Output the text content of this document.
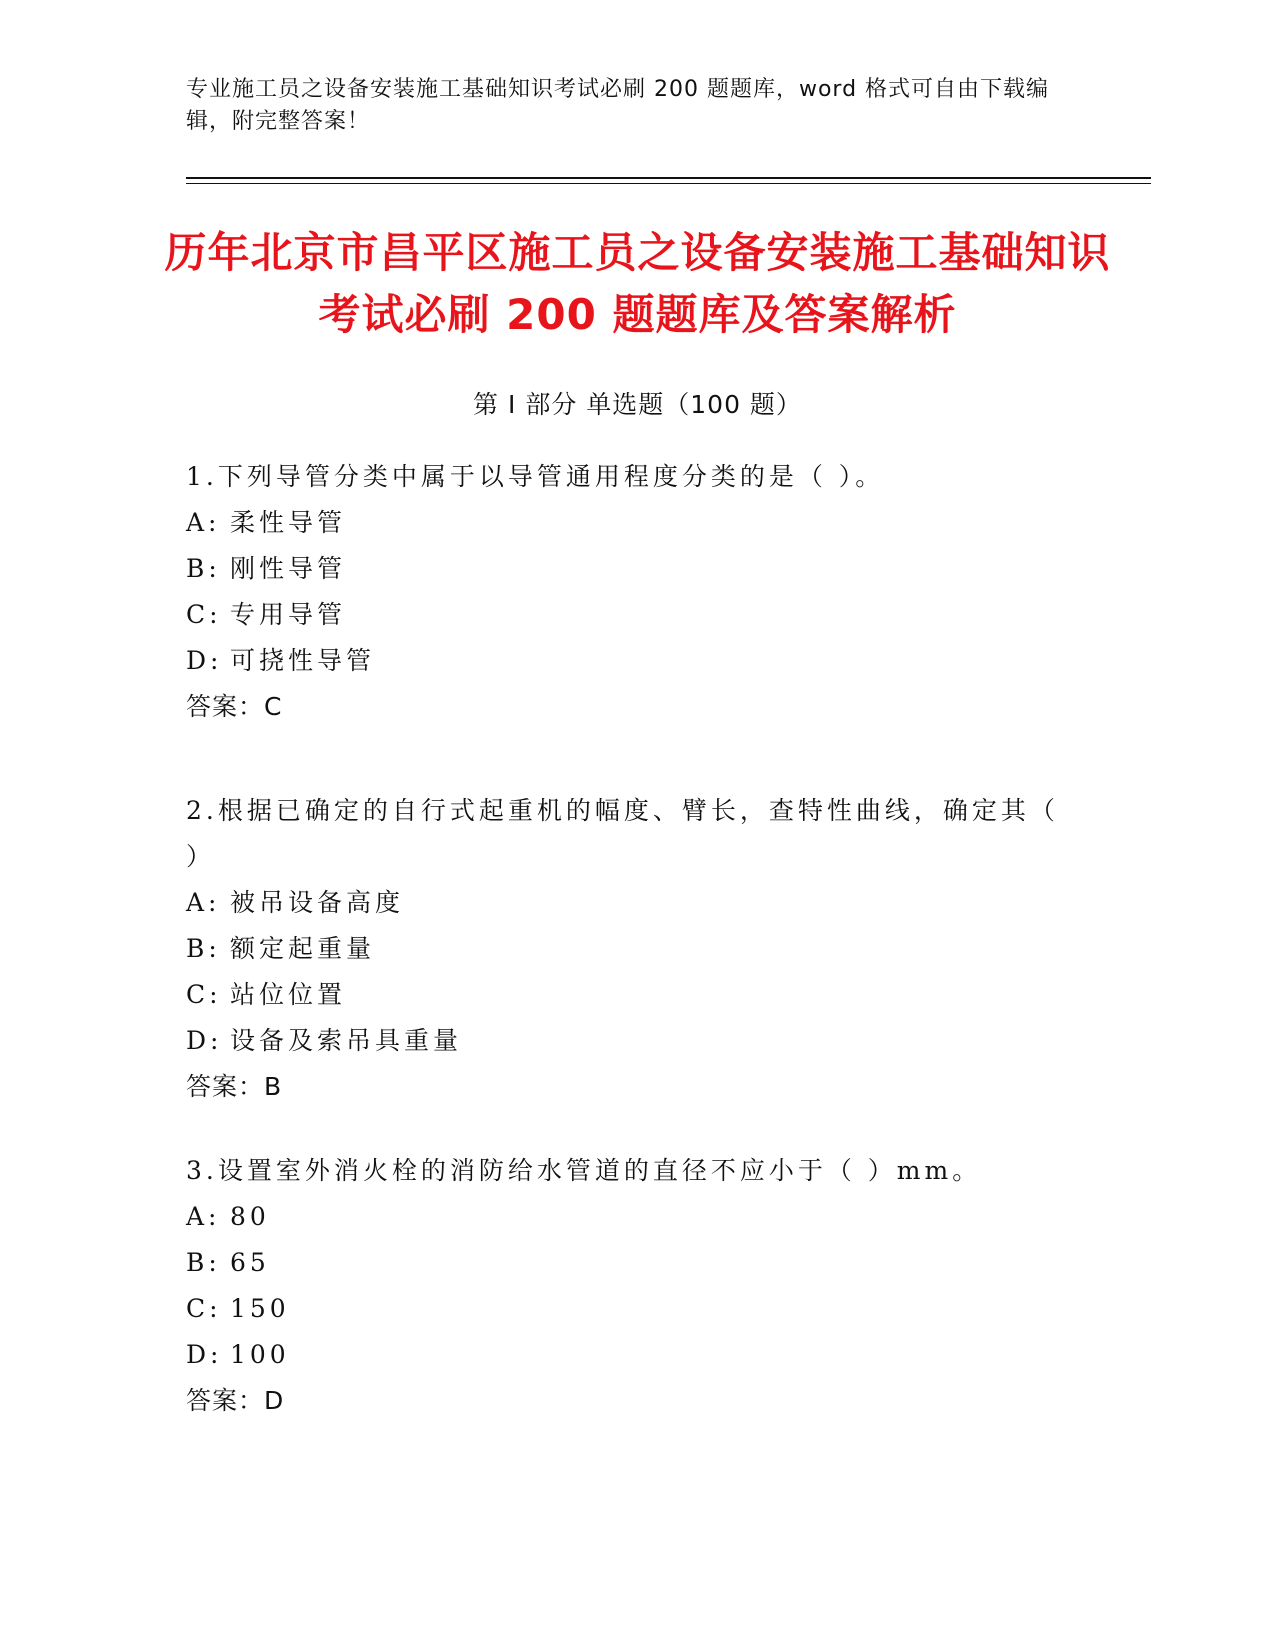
专业施工员之设备安装施工基础知识考试必刷 200 题题库，word 格式可自由下载编辑，附完整答案！
历年北京市昌平区施工员之设备安装施工基础知识考试必刷 200 题题库及答案解析
第 I 部分 单选题（100 题）
1.下列导管分类中属于以导管通用程度分类的是（ ）。
A: 柔性导管
B: 刚性导管
C: 专用导管
D: 可挠性导管
答案：C
2.根据已确定的自行式起重机的幅度、臂长，查特性曲线，确定其（ ）
A: 被吊设备高度
B: 额定起重量
C: 站位位置
D: 设备及索吊具重量
答案：B
3.设置室外消火栓的消防给水管道的直径不应小于（ ）mm。
A: 80
B: 65
C: 150
D: 100
答案：D
